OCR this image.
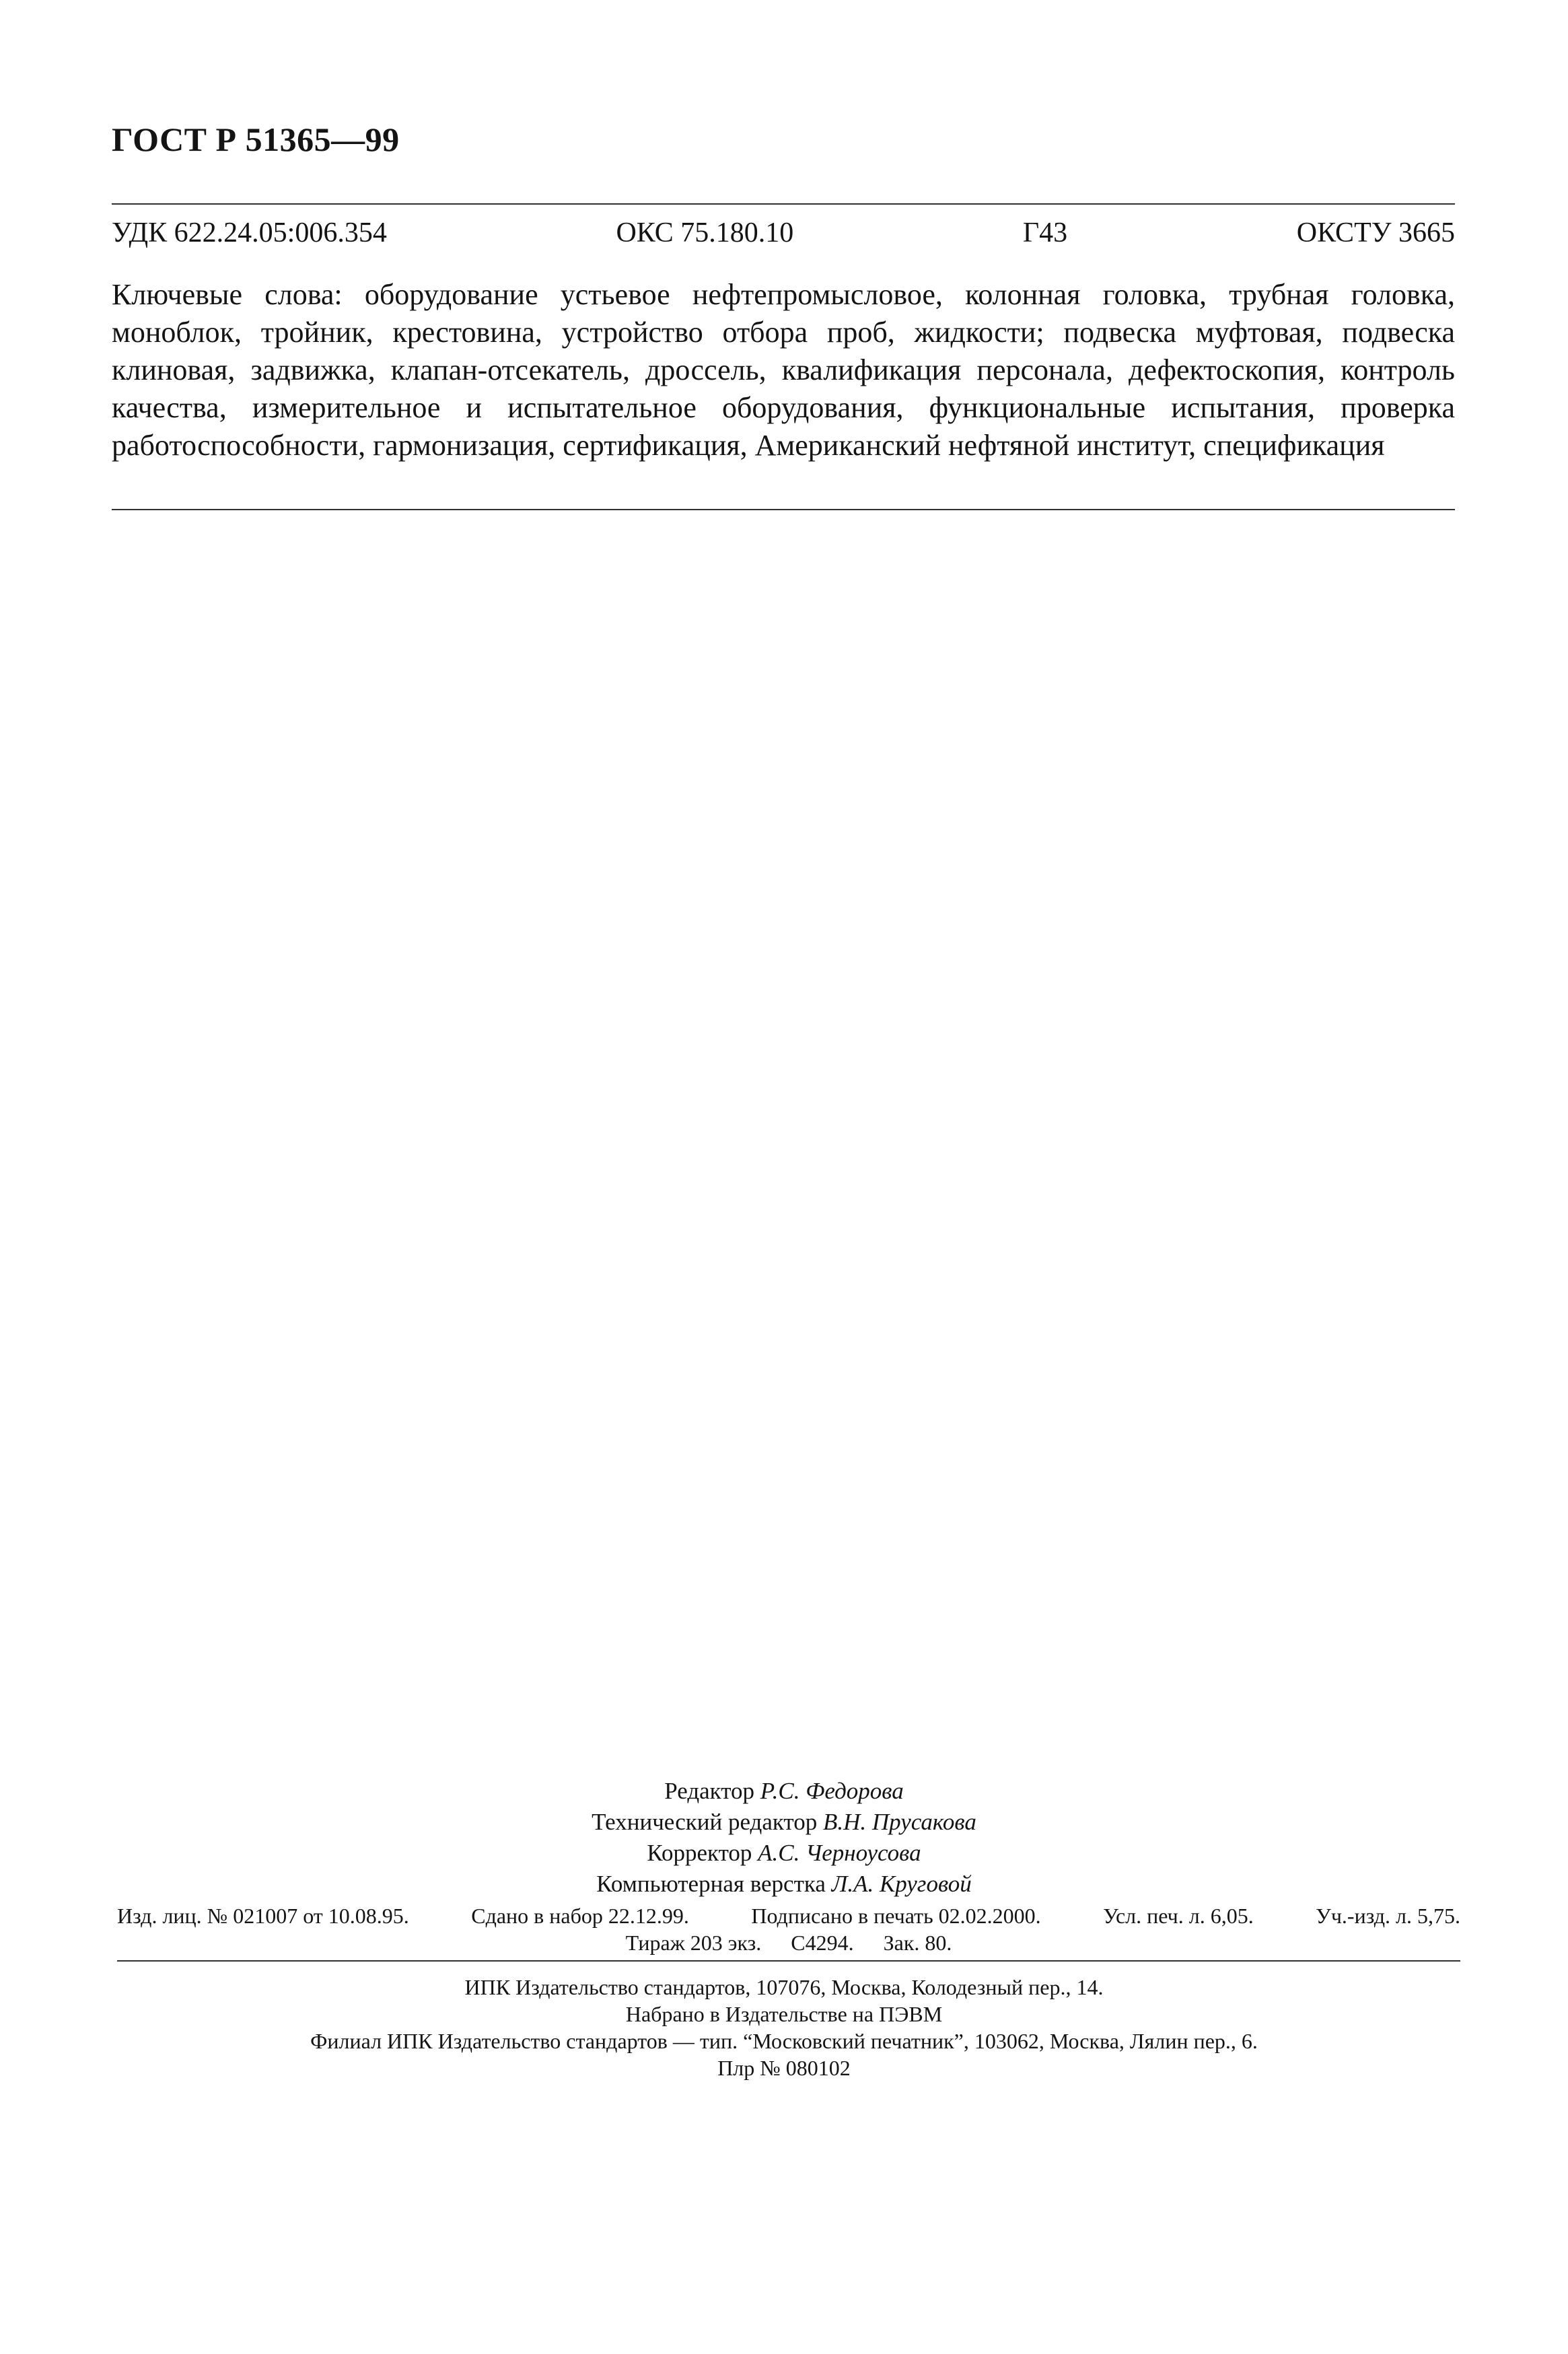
ГОСТ Р 51365—99
УДК 622.24.05:006.354	ОКС 75.180.10	Г43	ОКСТУ 3665
Ключевые слова: оборудование устьевое нефтепромысловое, колонная головка, трубная головка, моноблок, тройник, крестовина, устройство отбора проб, жидкости; подвеска муфтовая, подвеска клиновая, задвижка, клапан-отсекатель, дроссель, квалификация персонала, дефектоскопия, контроль качества, измерительное и испытательное оборудования, функциональные испытания, проверка работоспособности, гармонизация, сертификация, Американский нефтяной институт, спецификация
Редактор Р.С. Федорова
Технический редактор В.Н. Прусакова
Корректор А.С. Черноусова
Компьютерная верстка Л.А. Круговой
Изд. лиц. № 021007 от 10.08.95.	Сдано в набор 22.12.99.	Подписано в печать 02.02.2000.	Усл. печ. л. 6,05.	Уч.-изд. л. 5,75.
Тираж 203 экз. С4294. Зак. 80.
ИПК Издательство стандартов, 107076, Москва, Колодезный пер., 14.
Набрано в Издательстве на ПЭВМ
Филиал ИПК Издательство стандартов — тип. “Московский печатник”, 103062, Москва, Лялин пер., 6.
Плр № 080102
